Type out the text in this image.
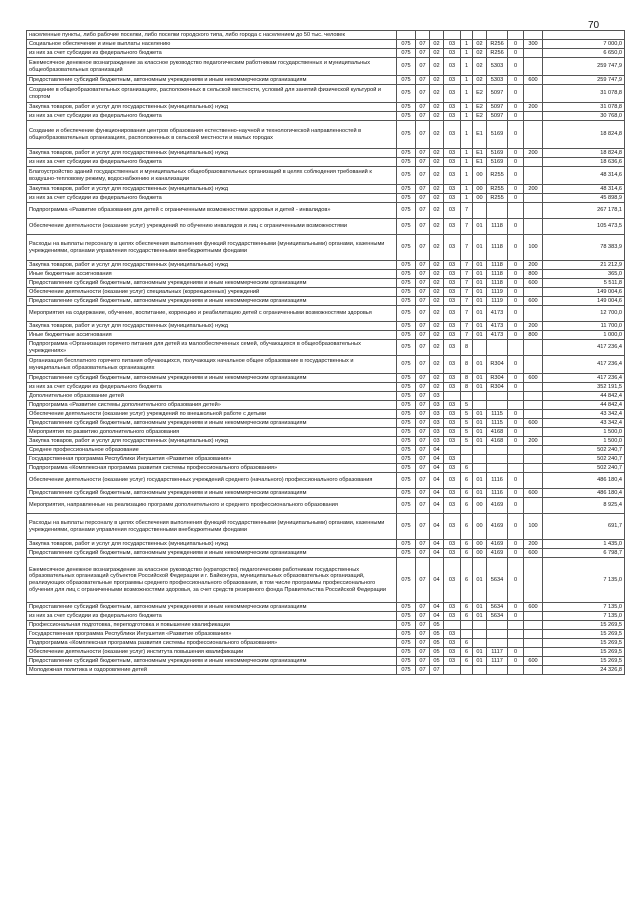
70
населенные пункты, либо рабочие поселки, либо поселки городского типа, либо города с населением до 50 тыс. человек										
Социальное обеспечение и иные выплаты населению	075	07	02	03	1	02	R256	0	300	7 000,0
из них за счет субсидии из федерального бюджета	075	07	02	03	1	02	R256	0		6 650,0
Ежемесячное денежное вознаграждение за классное руководство педагогическим работникам государственных и муниципальных общеобразовательных организаций	075	07	02	03	1	02	5303	0		259 747,9
Предоставление субсидий бюджетным, автономным учреждениям и иным некоммерческим организациям	075	07	02	03	1	02	5303	0	600	259 747,9
Создание в общеобразовательных организациях, расположенных в сельской местности, условий для занятий физической культурой и спортом	075	07	02	03	1	E2	5097	0		31 078,8
Закупка товаров, работ и услуг для государственных (муниципальных) нужд	075	07	02	03	1	E2	5097	0	200	31 078,8
из них за счет субсидии из федерального бюджета	075	07	02	03	1	E2	5097	0		30 768,0
Создание и обеспечение функционирования центров образования естественно-научной и технологической направленностей в общеобразовательных организациях, расположенных в сельской местности и малых городах	075	07	02	03	1	E1	5169	0		18 824,8
Закупка товаров, работ и услуг для государственных (муниципальных) нужд	075	07	02	03	1	E1	5169	0	200	18 824,8
из них за счет субсидии из федерального бюджета	075	07	02	03	1	E1	5169	0		18 636,6
Благоустройство зданий государственных и муниципальных общеобразовательных организаций в целях соблюдения требований к воздушно-тепловому режиму, водоснабжению и канализации	075	07	02	03	1	00	R255	0		48 314,6
Закупка товаров, работ и услуг для государственных (муниципальных) нужд	075	07	02	03	1	00	R255	0	200	48 314,6
из них за счет субсидии из федерального бюджета	075	07	02	03	1	00	R255	0		45 898,9
Подпрограмма «Развитие образования для детей с ограниченными возможностями здоровья и детей - инвалидов»	075	07	02	03	7					267 178,1
Обеспечение деятельности (оказание услуг) учреждений по обучению инвалидов и лиц с ограниченными возможностями	075	07	02	03	7	01	1118	0		105 473,5
Расходы на выплаты персоналу в целях обеспечения выполнения функций государственными (муниципальными) органами, казенными учреждениями, органами управления государственными внебюджетными фондами	075	07	02	03	7	01	1118	0	100	78 383,9
Закупка товаров, работ и услуг для государственных (муниципальных) нужд	075	07	02	03	7	01	1118	0	200	21 212,9
Иные бюджетные ассигнования	075	07	02	03	7	01	1118	0	800	365,0
Предоставление субсидий бюджетным, автономным учреждениям и иным некоммерческим организациям	075	07	02	03	7	01	1118	0	600	5 511,8
Обеспечение деятельности (оказание услуг) специальных (коррекционных) учреждений	075	07	02	03	7	01	1119	0		149 004,6
Предоставление субсидий бюджетным, автономным учреждениям и иным некоммерческим организациям	075	07	02	03	7	01	1119	0	600	149 004,6
Мероприятия на содержание, обучение, воспитание, коррекцию и реабилитацию детей с ограниченными возможностями здоровья	075	07	02	03	7	01	4173	0		12 700,0
Закупка товаров, работ и услуг для государственных (муниципальных) нужд	075	07	02	03	7	01	4173	0	200	11 700,0
Иные бюджетные ассигнования	075	07	02	03	7	01	4173	0	800	1 000,0
Подпрограмма «Организация горячего питания для детей из малообеспеченных семей, обучающихся в общеобразовательных учреждениях»	075	07	02	03	8					417 236,4
Организация бесплатного горячего питания обучающихся, получающих начальное общее образование в государственных и муниципальных образовательных организациях	075	07	02	03	8	01	R304	0		417 236,4
Предоставление субсидий бюджетным, автономным учреждениям и иным некоммерческим организациям	075	07	02	03	8	01	R304	0	600	417 236,4
из них за счет субсидии из федерального бюджета	075	07	02	03	8	01	R304	0		352 191,5
Дополнительное образование детей	075	07	03							44 842,4
Подпрограмма «Развитие системы дополнительного образования детей»	075	07	03	03	5					44 842,4
Обеспечение деятельности (оказание услуг) учреждений по внешкольной работе с детьми	075	07	03	03	5	01	1115	0		43 342,4
Предоставление субсидий бюджетным, автономным учреждениям и иным некоммерческим организациям	075	07	03	03	5	01	1115	0	600	43 342,4
Мероприятия по развитию дополнительного образования	075	07	03	03	5	01	4168	0		1 500,0
Закупка товаров, работ и услуг для государственных (муниципальных) нужд	075	07	03	03	5	01	4168	0	200	1 500,0
Среднее профессиональное образование	075	07	04							502 240,7
Государственная программа Республики Ингушетия «Развитие образования»	075	07	04	03						502 240,7
Подпрограмма «Комплексная программа развития системы профессионального образования»	075	07	04	03	6					502 240,7
Обеспечение деятельности (оказание услуг) государственных учреждений среднего (начального) профессионального образования	075	07	04	03	6	01	1116	0		486 180,4
Предоставление субсидий бюджетным, автономным учреждениям и иным некоммерческим организациям	075	07	04	03	6	01	1116	0	600	486 180,4
Мероприятия, направленные на реализацию программ дополнительного и среднего профессионального образования	075	07	04	03	6	00	4169	0		8 925,4
Расходы на выплаты персоналу в целях обеспечения выполнения функций государственными (муниципальными) органами, казенными учреждениями, органами управления государственными внебюджетными фондами	075	07	04	03	6	00	4169	0	100	691,7
Закупка товаров, работ и услуг для государственных (муниципальных) нужд	075	07	04	03	6	00	4169	0	200	1 435,0
Предоставление субсидий бюджетным, автономным учреждениям и иным некоммерческим организациям	075	07	04	03	6	00	4169	0	600	6 798,7
Ежемесячное денежное вознаграждение за классное руководство (кураторство) педагогическим работникам государственных образовательных организаций субъектов Российской Федерации и г. Байконура, муниципальных образовательных организаций, реализующих образовательные программы среднего профессионального образования, в том числе программы профессионального обучения для лиц с ограниченными возможностями здоровья, за счет средств резервного фонда Правительства Российской Федерации	075	07	04	03	6	01	5634	0		7 135,0
Предоставление субсидий бюджетным, автономным учреждениям и иным некоммерческим организациям	075	07	04	03	6	01	5634	0	600	7 135,0
из них за счет субсидии из федерального бюджета	075	07	04	03	6	01	5634	0		7 135,0
Профессиональная подготовка, переподготовка и повышение квалификации	075	07	05							15 269,5
Государственная программа Республики Ингушетия «Развитие образования»	075	07	05	03						15 269,5
Подпрограмма «Комплексная программа развития системы профессионального образования»	075	07	05	03	6					15 269,5
Обеспечение деятельности (оказание услуг) института повышения квалификации	075	07	05	03	6	01	1117	0		15 269,5
Предоставление субсидий бюджетным, автономным учреждениям и иным некоммерческим организациям	075	07	05	03	6	01	1117	0	600	15 269,5
Молодежная политика и оздоровление детей	075	07	07							24 326,8
